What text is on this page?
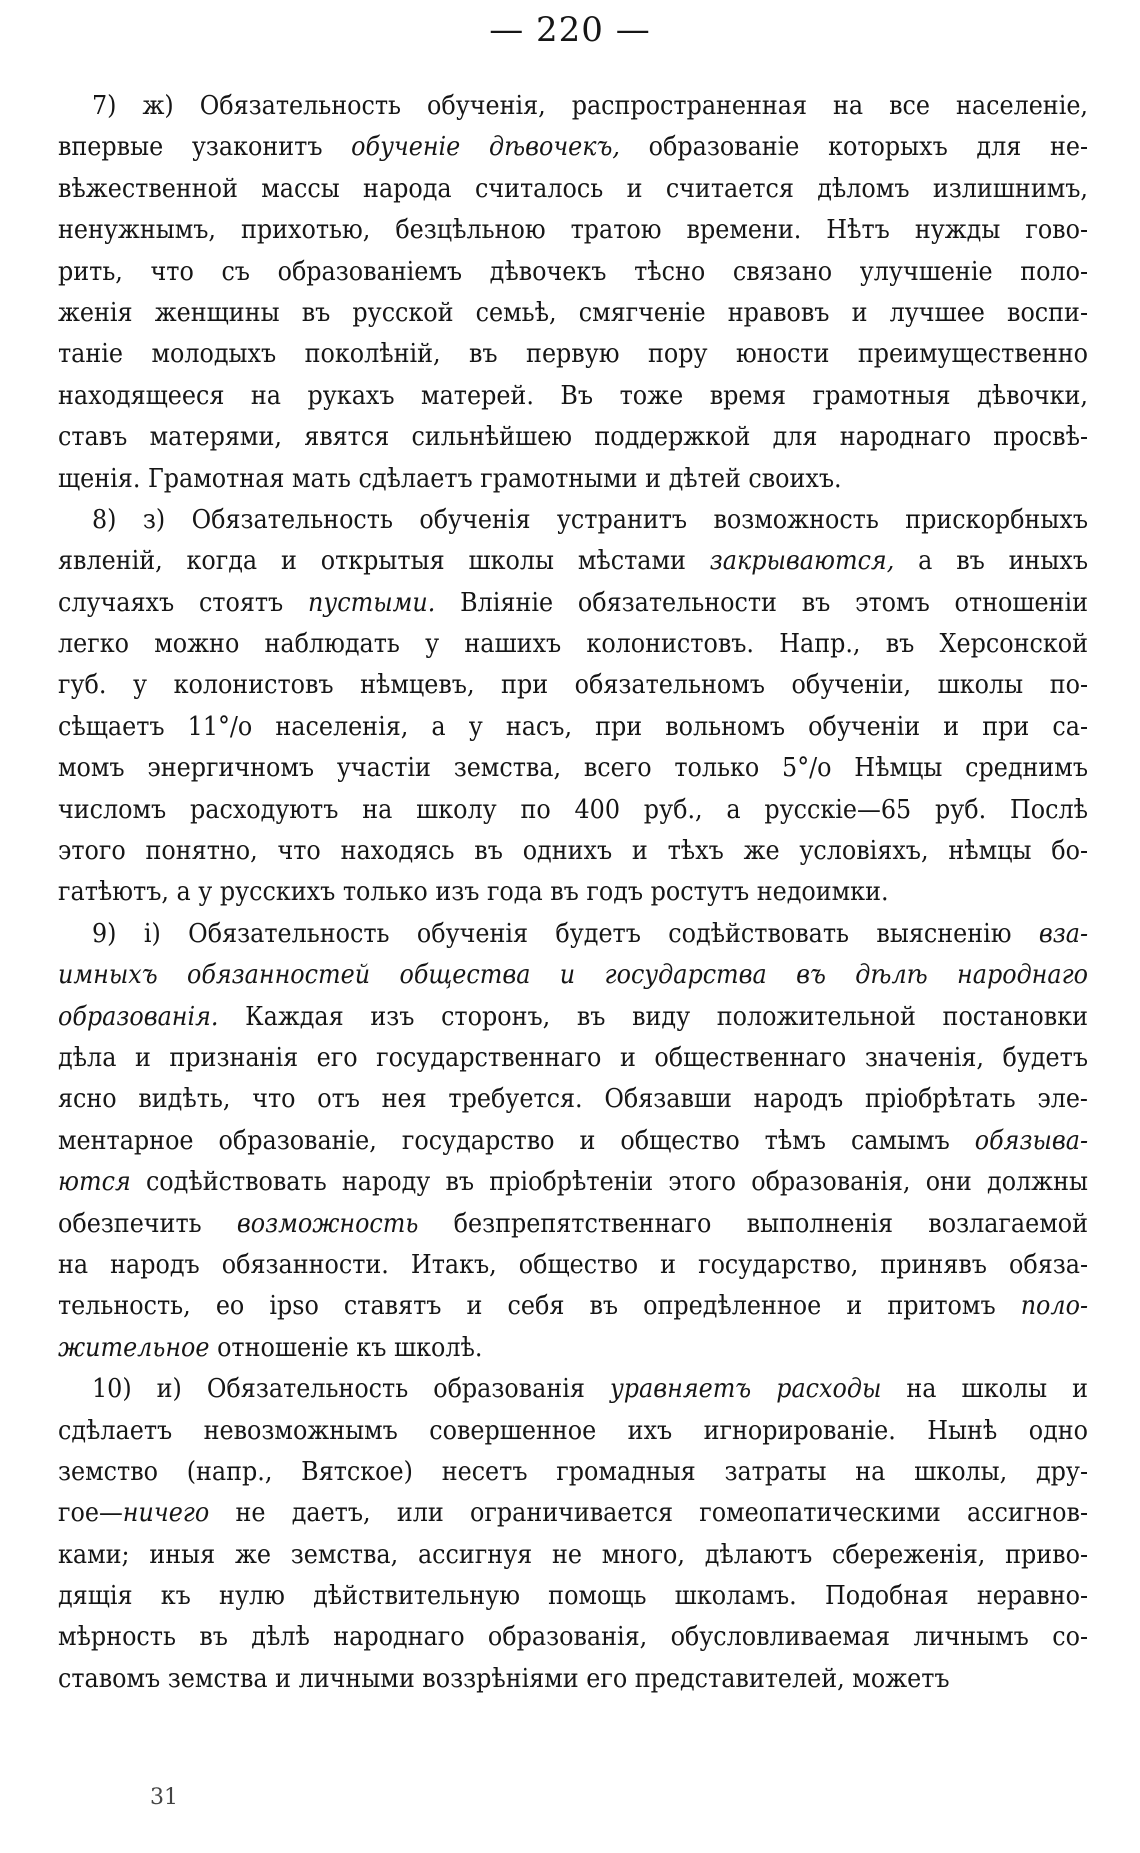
— 220 —
7) ж) Обязательность обученія, распространенная на все населеніе,
впервые узаконитъ обученіе дѣвочекъ, образованіе которыхъ для не-
вѣжественной массы народа считалось и считается дѣломъ излишнимъ,
ненужнымъ, прихотью, безцѣльною тратою времени. Нѣтъ нужды гово-
рить, что съ образованіемъ дѣвочекъ тѣсно связано улучшеніе поло-
женія женщины въ русской семьѣ, смягченіе нравовъ и лучшее воспи-
таніе молодыхъ поколѣній, въ первую пору юности преимущественно
находящееся на рукахъ матерей. Въ тоже время грамотныя дѣвочки,
ставъ матерями, явятся сильнѣйшею поддержкой для народнаго просвѣ-
щенія. Грамотная мать сдѣлаетъ грамотными и дѣтей своихъ.
8) з) Обязательность обученія устранитъ возможность прискорбныхъ
явленій, когда и открытыя школы мѣстами закрываются, а въ иныхъ
случаяхъ стоятъ пустыми. Вліяніе обязательности въ этомъ отношеніи
легко можно наблюдать у нашихъ колонистовъ. Напр., въ Херсонской
губ. у колонистовъ нѣмцевъ, при обязательномъ обученіи, школы по-
сѣщаетъ 11°/о населенія, а у насъ, при вольномъ обученіи и при са-
момъ энергичномъ участіи земства, всего только 5°/о Нѣмцы среднимъ
числомъ расходуютъ на школу по 400 руб., а русскіе—65 руб. Послѣ
этого понятно, что находясь въ однихъ и тѣхъ же условіяхъ, нѣмцы бо-
гатѣютъ, а у русскихъ только изъ года въ годъ ростутъ недоимки.
9) і) Обязательность обученія будетъ содѣйствовать выясненію вза-
имныхъ обязанностей общества и государства въ дѣлѣ народнаго
образованія. Каждая изъ сторонъ, въ виду положительной постановки
дѣла и признанія его государственнаго и общественнаго значенія, будетъ
ясно видѣть, что отъ нея требуется. Обязавши народъ пріобрѣтать эле-
ментарное образованіе, государство и общество тѣмъ самымъ обязыва-
ются содѣйствовать народу въ пріобрѣтеніи этого образованія, они должны
обезпечить возможность безпрепятственнаго выполненія возлагаемой
на народъ обязанности. Итакъ, общество и государство, принявъ обяза-
тельность, eo ipso ставятъ и себя въ опредѣленное и притомъ поло-
жительное отношеніе къ школѣ.
10) и) Обязательность образованія уравняетъ расходы на школы и
сдѣлаетъ невозможнымъ совершенное ихъ игнорированіе. Нынѣ одно
земство (напр., Вятское) несетъ громадныя затраты на школы, дру-
гое—ничего не даетъ, или ограничивается гомеопатическими ассигнов-
ками; иныя же земства, ассигнуя не много, дѣлаютъ сбереженія, приво-
дящія къ нулю дѣйствительную помощь школамъ. Подобная неравно-
мѣрность въ дѣлѣ народнаго образованія, обусловливаемая личнымъ со-
ставомъ земства и личными воззрѣніями его представителей, можетъ
31
